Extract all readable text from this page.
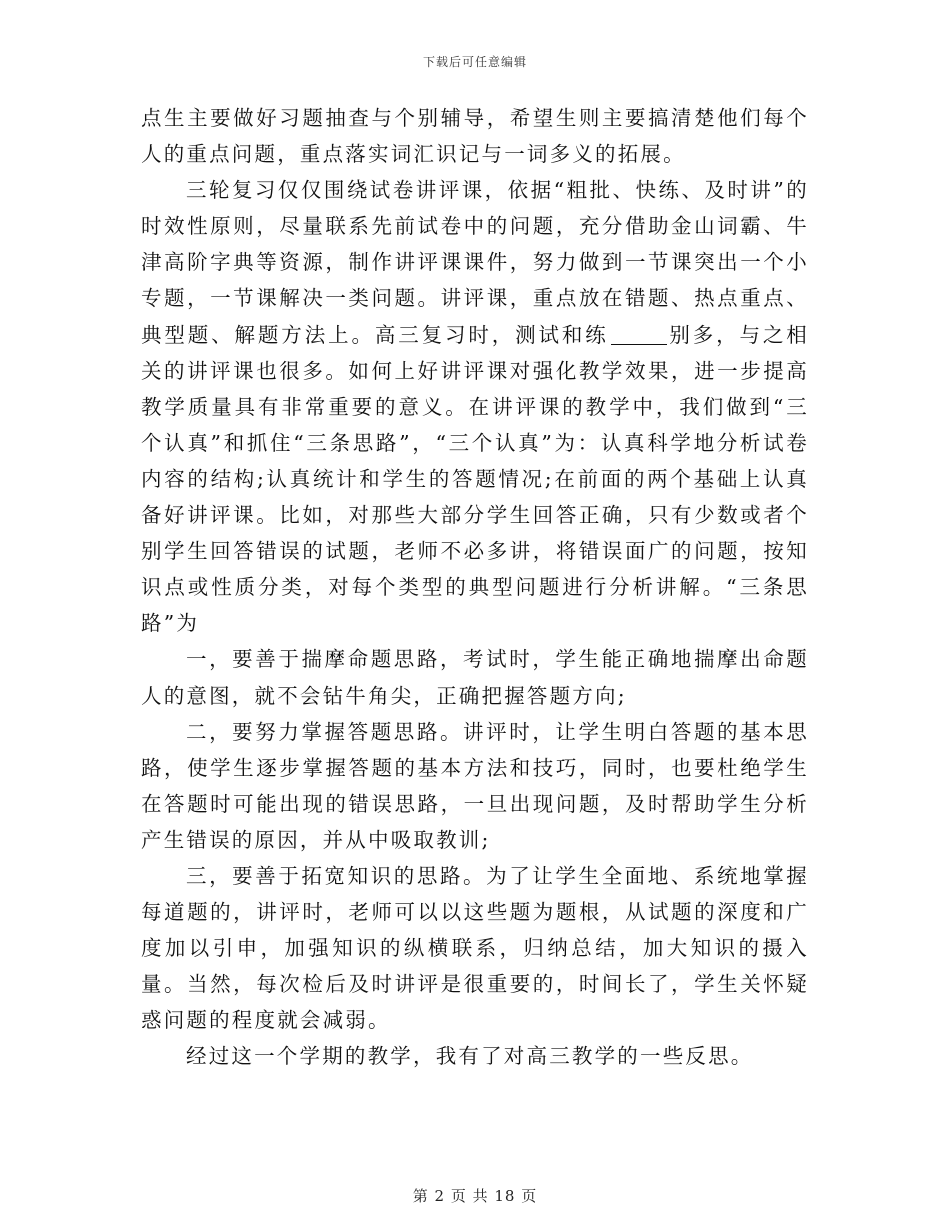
下载后可任意编辑

点生主要做好习题抽查与个别辅导，希望生则主要搞清楚他们每个人的重点问题，重点落实词汇识记与一词多义的拓展。

三轮复习仅仅围绕试卷讲评课，依据“粗批、快练、及时讲”的时效性原则，尽量联系先前试卷中的问题，充分借助金山词霸、牛津高阶字典等资源，制作讲评课课件，努力做到一节课突出一个小专题，一节课解决一类问题。讲评课，重点放在错题、热点重点、典型题、解题方法上。高三复习时，测试和练	别多，与之相关的讲评课也很多。如何上好讲评课对强化教学效果，进一步提高教学质量具有非常重要的意义。在讲评课的教学中，我们做到“三个认真”和抓住“三条思路”，“三个认真”为：认真科学地分析试卷内容的结构;认真统计和学生的答题情况;在前面的两个基础上认真备好讲评课。比如，对那些大部分学生回答正确，只有少数或者个别学生回答错误的试题，老师不必多讲，将错误面广的问题，按知识点或性质分类，对每个类型的典型问题进行分析讲解。“三条思路”为

一，要善于揣摩命题思路，考试时，学生能正确地揣摩出命题人的意图，就不会钻牛角尖，正确把握答题方向;

二，要努力掌握答题思路。讲评时，让学生明白答题的基本思路，使学生逐步掌握答题的基本方法和技巧，同时，也要杜绝学生在答题时可能出现的错误思路，一旦出现问题，及时帮助学生分析产生错误的原因，并从中吸取教训;

三，要善于拓宽知识的思路。为了让学生全面地、系统地掌握每道题的，讲评时，老师可以以这些题为题根，从试题的深度和广度加以引申，加强知识的纵横联系，归纳总结，加大知识的摄入量。当然，每次检后及时讲评是很重要的，时间长了，学生关怀疑惑问题的程度就会减弱。

经过这一个学期的教学，我有了对高三教学的一些反思。

第 2 页 共 18 页
